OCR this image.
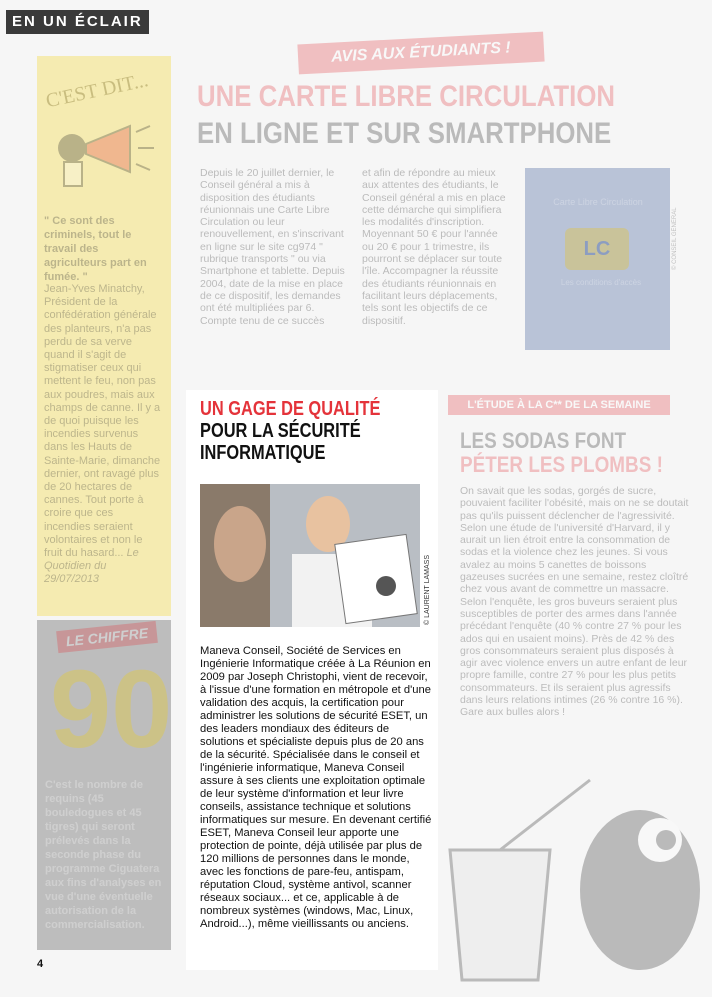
EN UN ÉCLAIR
C'EST DIT...
" Ce sont des criminels, tout le travail des agriculteurs part en fumée. "
Jean-Yves Minatchy, Président de la confédération générale des planteurs, n'a pas perdu de sa verve quand il s'agit de stigmatiser ceux qui mettent le feu, non pas aux poudres, mais aux champs de canne. Il y a de quoi puisque les incendies survenus dans les Hauts de Sainte-Marie, dimanche dernier, ont ravagé plus de 20 hectares de cannes. Tout porte à croire que ces incendies seraient volontaires et non le fruit du hasard... Le Quotidien du 29/07/2013
LE CHIFFRE
90
C'est le nombre de requins (45 bouledogues et 45 tigres) qui seront prélevés dans la seconde phase du programme Ciguatera aux fins d'analyses en vue d'une éventuelle autorisation de la commercialisation.
AVIS AUX ÉTUDIANTS !
UNE CARTE LIBRE CIRCULATION
EN LIGNE ET SUR SMARTPHONE
Depuis le 20 juillet dernier, le Conseil général a mis à disposition des étudiants réunionnais une Carte Libre Circulation ou leur renouvellement, en s'inscrivant en ligne sur le site cg974 " rubrique transports " ou via Smartphone et tablette. Depuis 2004, date de la mise en place de ce dispositif, les demandes ont été multipliées par 6. Compte tenu de ce succès
et afin de répondre au mieux aux attentes des étudiants, le Conseil général a mis en place cette démarche qui simplifiera les modalités d'inscription. Moyennant 50 € pour l'année ou 20 € pour 1 trimestre, ils pourront se déplacer sur toute l'île. Accompagner la réussite des étudiants réunionnais en facilitant leurs déplacements, tels sont les objectifs de ce dispositif.
Carte Libre Circulation
LC
Les conditions d'accès
© CONSEIL GÉNÉRAL
UN GAGE DE QUALITÉ
POUR LA SÉCURITÉ
INFORMATIQUE
© LAURENT LAMASS
Maneva Conseil, Société de Services en Ingénierie Informatique créée à La Réunion en 2009 par Joseph Christophi, vient de recevoir, à l'issue d'une formation en métropole et d'une validation des acquis, la certification pour administrer les solutions de sécurité ESET, un des leaders mondiaux des éditeurs de solutions et spécialiste depuis plus de 20 ans de la sécurité. Spécialisée dans le conseil et l'ingénierie informatique, Maneva Conseil assure à ses clients une exploitation optimale de leur système d'information et leur livre conseils, assistance technique et solutions informatiques sur mesure. En devenant certifié ESET, Maneva Conseil leur apporte une protection de pointe, déjà utilisée par plus de 120 millions de personnes dans le monde, avec les fonctions de pare-feu, antispam, réputation Cloud, système antivol, scanner réseaux sociaux... et ce, applicable à de nombreux systèmes (windows, Mac, Linux, Android...), même vieillissants ou anciens.
L'ÉTUDE À LA C** DE LA SEMAINE
LES SODAS FONT
PÉTER LES PLOMBS !
On savait que les sodas, gorgés de sucre, pouvaient faciliter l'obésité, mais on ne se doutait pas qu'ils puissent déclencher de l'agressivité. Selon une étude de l'université d'Harvard, il y aurait un lien étroit entre la consommation de sodas et la violence chez les jeunes. Si vous avalez au moins 5 canettes de boissons gazeuses sucrées en une semaine, restez cloîtré chez vous avant de commettre un massacre. Selon l'enquête, les gros buveurs seraient plus susceptibles de porter des armes dans l'année précédant l'enquête (40 % contre 27 % pour les ados qui en usaient moins). Près de 42 % des gros consommateurs seraient plus disposés à agir avec violence envers un autre enfant de leur propre famille, contre 27 % pour les plus petits consommateurs. Et ils seraient plus agressifs dans leurs relations intimes (26 % contre 16 %). Gare aux bulles alors !
4
